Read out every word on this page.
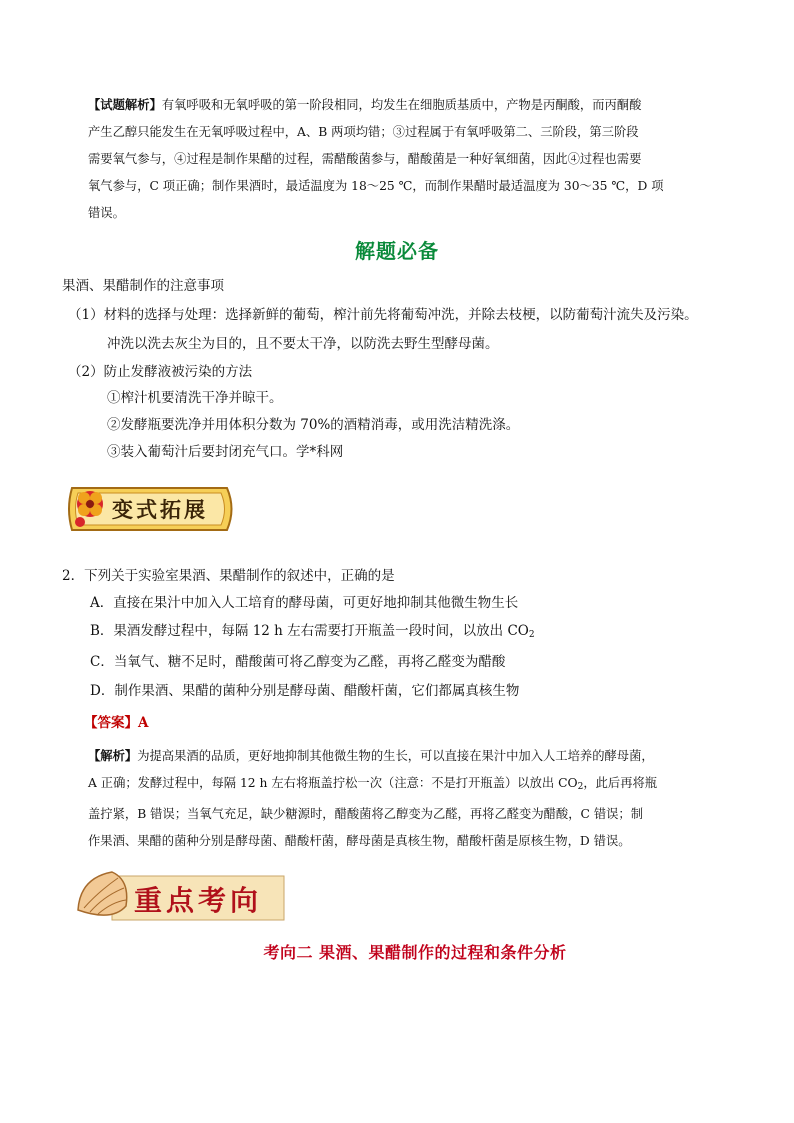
【试题解析】有氧呼吸和无氧呼吸的第一阶段相同，均发生在细胞质基质中，产物是丙酮酸，而丙酮酸
产生乙醇只能发生在无氧呼吸过程中，A、B 两项均错；③过程属于有氧呼吸第二、三阶段，第三阶段
需要氧气参与，④过程是制作果醋的过程，需醋酸菌参与，醋酸菌是一种好氧细菌，因此④过程也需要
氧气参与，C 项正确；制作果酒时，最适温度为 18～25 ℃，而制作果醋时最适温度为 30～35 ℃，D 项
错误。
解题必备
果酒、果醋制作的注意事项
（1）材料的选择与处理：选择新鲜的葡萄，榨汁前先将葡萄冲洗，并除去枝梗，以防葡萄汁流失及污染。
冲洗以洗去灰尘为目的，且不要太干净，以防洗去野生型酵母菌。
（2）防止发酵液被污染的方法
①榨汁机要清洗干净并晾干。
②发酵瓶要洗净并用体积分数为 70%的酒精消毒，或用洗洁精洗涤。
③装入葡萄汁后要封闭充气口。学*科网
变式拓展
2．下列关于实验室果酒、果醋制作的叙述中，正确的是
A．直接在果汁中加入人工培育的酵母菌，可更好地抑制其他微生物生长
B．果酒发酵过程中，每隔 12 h 左右需要打开瓶盖一段时间，以放出 $CO_2$
C．当氧气、糖不足时，醋酸菌可将乙醇变为乙醛，再将乙醛变为醋酸
D．制作果酒、果醋的菌种分别是酵母菌、醋酸杆菌，它们都属真核生物
【答案】A
【解析】为提高果酒的品质，更好地抑制其他微生物的生长，可以直接在果汁中加入人工培养的酵母菌，
A 正确；发酵过程中，每隔 12 h 左右将瓶盖拧松一次（注意：不是打开瓶盖）以放出 $CO_2$，此后再将瓶
盖拧紧，B 错误；当氧气充足，缺少糖源时，醋酸菌将乙醇变为乙醛，再将乙醛变为醋酸，C 错误；制
作果酒、果醋的菌种分别是酵母菌、醋酸杆菌，酵母菌是真核生物，醋酸杆菌是原核生物，D 错误。
重点考向
考向二 果酒、果醋制作的过程和条件分析
